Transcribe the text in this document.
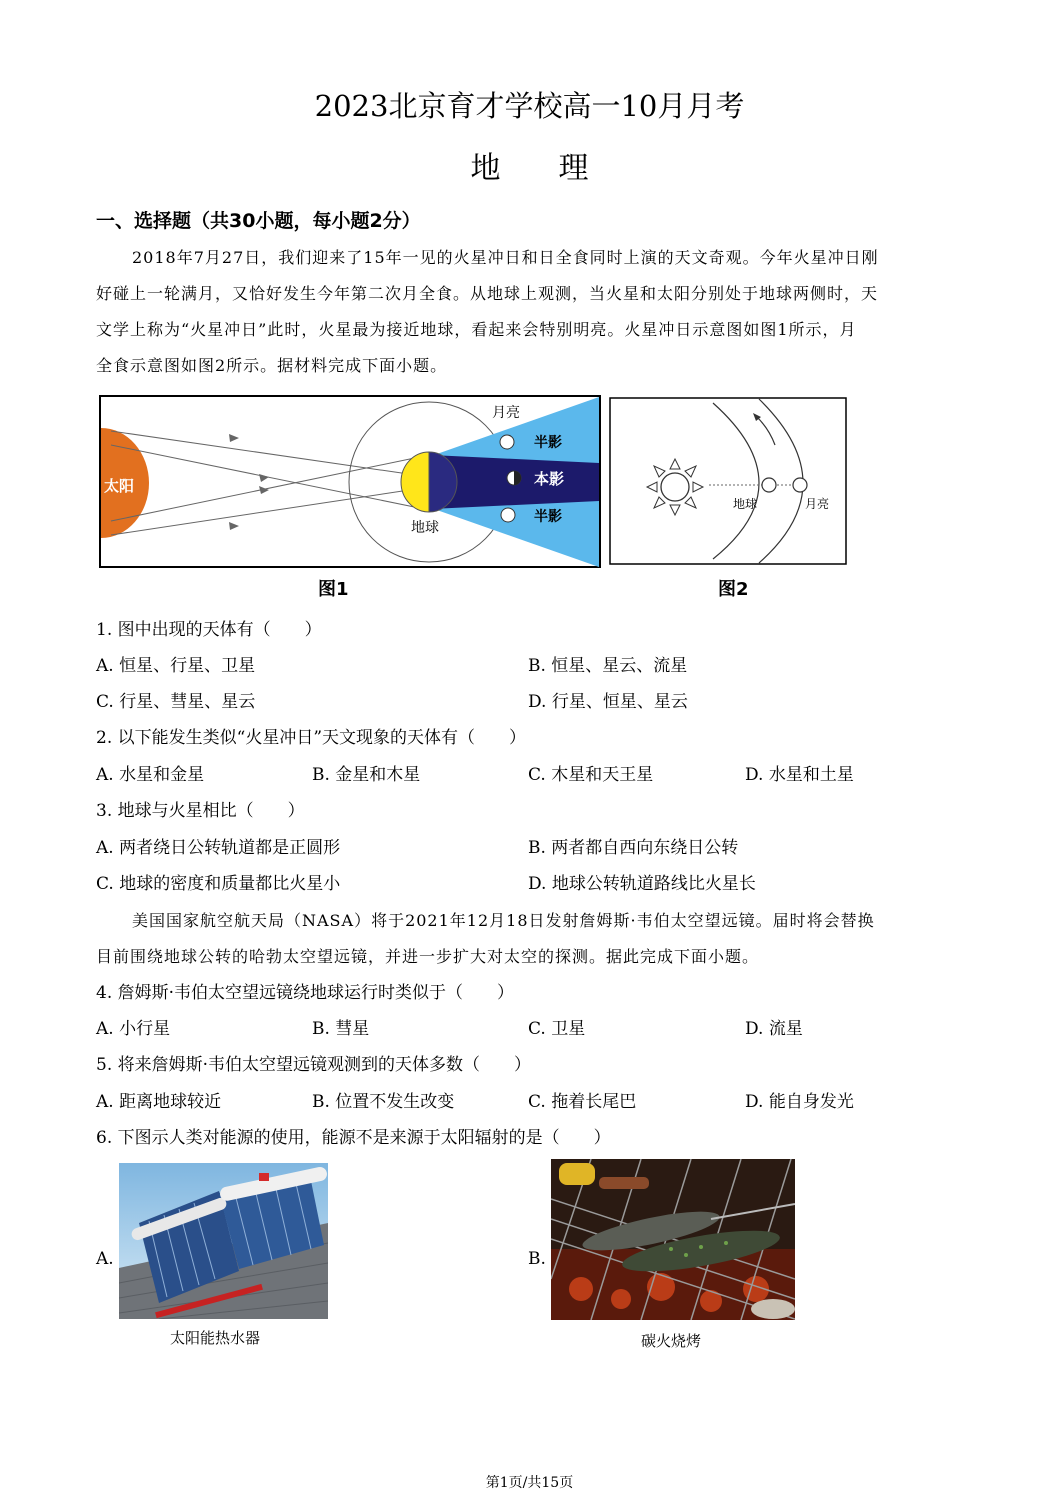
2023北京育才学校高一10月月考
地理
一、选择题（共30小题，每小题2分）
2018年7月27日，我们迎来了15年一见的火星冲日和日全食同时上演的天文奇观。今年火星冲日刚
好碰上一轮满月，又恰好发生今年第二次月全食。从地球上观测，当火星和太阳分别处于地球两侧时，天
文学上称为“火星冲日”此时，火星最为接近地球，看起来会特别明亮。火星冲日示意图如图1所示，月
全食示意图如图2所示。据材料完成下面小题。
太阳
地球
月亮
半影
本影
半影
图1
地球	月亮
图2
1. 图中出现的天体有（　　）
A. 恒星、行星、卫星	B. 恒星、星云、流星
C. 行星、彗星、星云	D. 行星、恒星、星云
2. 以下能发生类似“火星冲日”天文现象的天体有（　　）
A. 水星和金星	B. 金星和木星	C. 木星和天王星	D. 水星和土星
3. 地球与火星相比（　　）
A. 两者绕日公转轨道都是正圆形	B. 两者都自西向东绕日公转
C. 地球的密度和质量都比火星小	D. 地球公转轨道路线比火星长
美国国家航空航天局（NASA）将于2021年12月18日发射詹姆斯·韦伯太空望远镜。届时将会替换
目前围绕地球公转的哈勃太空望远镜，并进一步扩大对太空的探测。据此完成下面小题。
4. 詹姆斯·韦伯太空望远镜绕地球运行时类似于（　　）
A. 小行星	B. 彗星	C. 卫星	D. 流星
5. 将来詹姆斯·韦伯太空望远镜观测到的天体多数（　　）
A. 距离地球较近	B. 位置不发生改变	C. 拖着长尾巴	D. 能自身发光
6. 下图示人类对能源的使用，能源不是来源于太阳辐射的是（　　）
A.	B.
太阳能热水器	碳火烧烤
第1页/共15页
